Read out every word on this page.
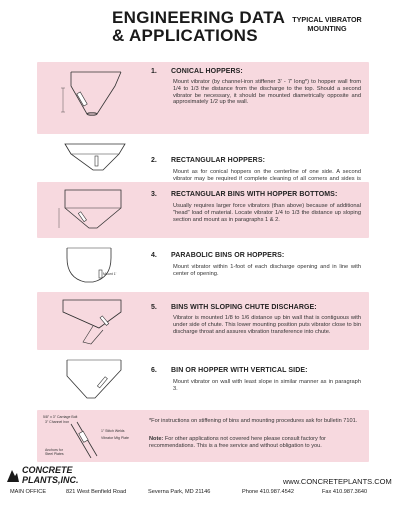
ENGINEERING DATA
& APPLICATIONS
TYPICAL VIBRATOR
MOUNTING
1. CONICAL HOPPERS:
Mount vibrator (by channel-iron stiffener 3' - 7' long*) to hopper wall from 1/4 to 1/3 the distance from the discharge to the top. Should a second vibrator be necessary, it should be mounted diametrically opposite and approximately 1/2 up the wall.
2. RECTANGULAR HOPPERS:
Mount as for conical hoppers on the centerline of one side. A second vibrator may be required if complete cleaning of all corners and sides is
3. RECTANGULAR BINS WITH HOPPER BOTTOMS:
Usually requires larger force vibrators (than above) because of additional "head" load of material. Locate vibrator 1/4 to 1/3 the distance up sloping section and mount as in paragraphs 1 & 2.
Mount 1'
4. PARABOLIC BINS OR HOPPERS:
Mount vibrator within 1-foot of each discharge opening and in line with center of opening.
5. BINS WITH SLOPING CHUTE DISCHARGE:
Vibrator is mounted 1/8 to 1/6 distance up bin wall that is contiguous with under side of chute. This lower mounting position puts vibrator close to bin discharge throat and assures vibration transference into chute.
6. BIN OR HOPPER WITH VERTICAL SIDE:
Mount vibrator on wall with least slope in similar manner as in paragraph 3.
5/8" x 3" Carriage Bolt
3" Channel Iron
1" Stitch Welds
Vibrator Mtg Plate
Anchors for Steel Plates
*For instructions on stiffening of bins and mounting procedures ask for bulletin 7101.
Note: For other applications not covered here please consult factory for recommendations. This is a free service and without obligation to you.
CONCRETE
PLANTS,INC.	www.CONCRETEPLANTS.COM
MAIN OFFICE	821 West Benfield Road	Severna Park, MD 21146	Phone 410.987.4542	Fax 410.987.3640
